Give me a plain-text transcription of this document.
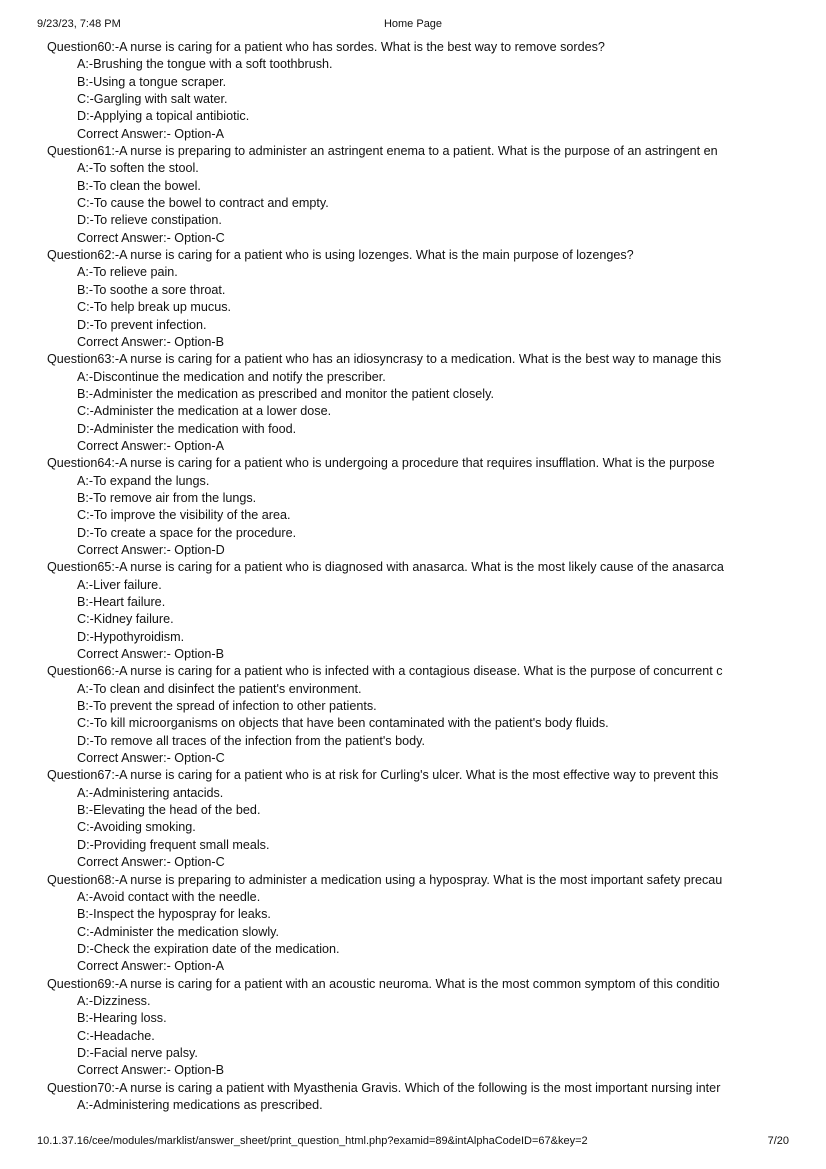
9/23/23, 7:48 PM	Home Page
Question60:-A nurse is caring for a patient who has sordes. What is the best way to remove sordes?
A:-Brushing the tongue with a soft toothbrush.
B:-Using a tongue scraper.
C:-Gargling with salt water.
D:-Applying a topical antibiotic.
Correct Answer:- Option-A
Question61:-A nurse is preparing to administer an astringent enema to a patient. What is the purpose of an astringent en
A:-To soften the stool.
B:-To clean the bowel.
C:-To cause the bowel to contract and empty.
D:-To relieve constipation.
Correct Answer:- Option-C
Question62:-A nurse is caring for a patient who is using lozenges. What is the main purpose of lozenges?
A:-To relieve pain.
B:-To soothe a sore throat.
C:-To help break up mucus.
D:-To prevent infection.
Correct Answer:- Option-B
Question63:-A nurse is caring for a patient who has an idiosyncrasy to a medication. What is the best way to manage this
A:-Discontinue the medication and notify the prescriber.
B:-Administer the medication as prescribed and monitor the patient closely.
C:-Administer the medication at a lower dose.
D:-Administer the medication with food.
Correct Answer:- Option-A
Question64:-A nurse is caring for a patient who is undergoing a procedure that requires insufflation. What is the purpose
A:-To expand the lungs.
B:-To remove air from the lungs.
C:-To improve the visibility of the area.
D:-To create a space for the procedure.
Correct Answer:- Option-D
Question65:-A nurse is caring for a patient who is diagnosed with anasarca. What is the most likely cause of the anasarca
A:-Liver failure.
B:-Heart failure.
C:-Kidney failure.
D:-Hypothyroidism.
Correct Answer:- Option-B
Question66:-A nurse is caring for a patient who is infected with a contagious disease. What is the purpose of concurrent c
A:-To clean and disinfect the patient's environment.
B:-To prevent the spread of infection to other patients.
C:-To kill microorganisms on objects that have been contaminated with the patient's body fluids.
D:-To remove all traces of the infection from the patient's body.
Correct Answer:- Option-C
Question67:-A nurse is caring for a patient who is at risk for Curling's ulcer. What is the most effective way to prevent this
A:-Administering antacids.
B:-Elevating the head of the bed.
C:-Avoiding smoking.
D:-Providing frequent small meals.
Correct Answer:- Option-C
Question68:-A nurse is preparing to administer a medication using a hypospray. What is the most important safety precau
A:-Avoid contact with the needle.
B:-Inspect the hypospray for leaks.
C:-Administer the medication slowly.
D:-Check the expiration date of the medication.
Correct Answer:- Option-A
Question69:-A nurse is caring for a patient with an acoustic neuroma. What is the most common symptom of this conditio
A:-Dizziness.
B:-Hearing loss.
C:-Headache.
D:-Facial nerve palsy.
Correct Answer:- Option-B
Question70:-A nurse is caring a patient with Myasthenia Gravis. Which of the following is the most important nursing inter
A:-Administering medications as prescribed.
10.1.37.16/cee/modules/marklist/answer_sheet/print_question_html.php?examid=89&intAlphaCodeID=67&key=2	7/20
